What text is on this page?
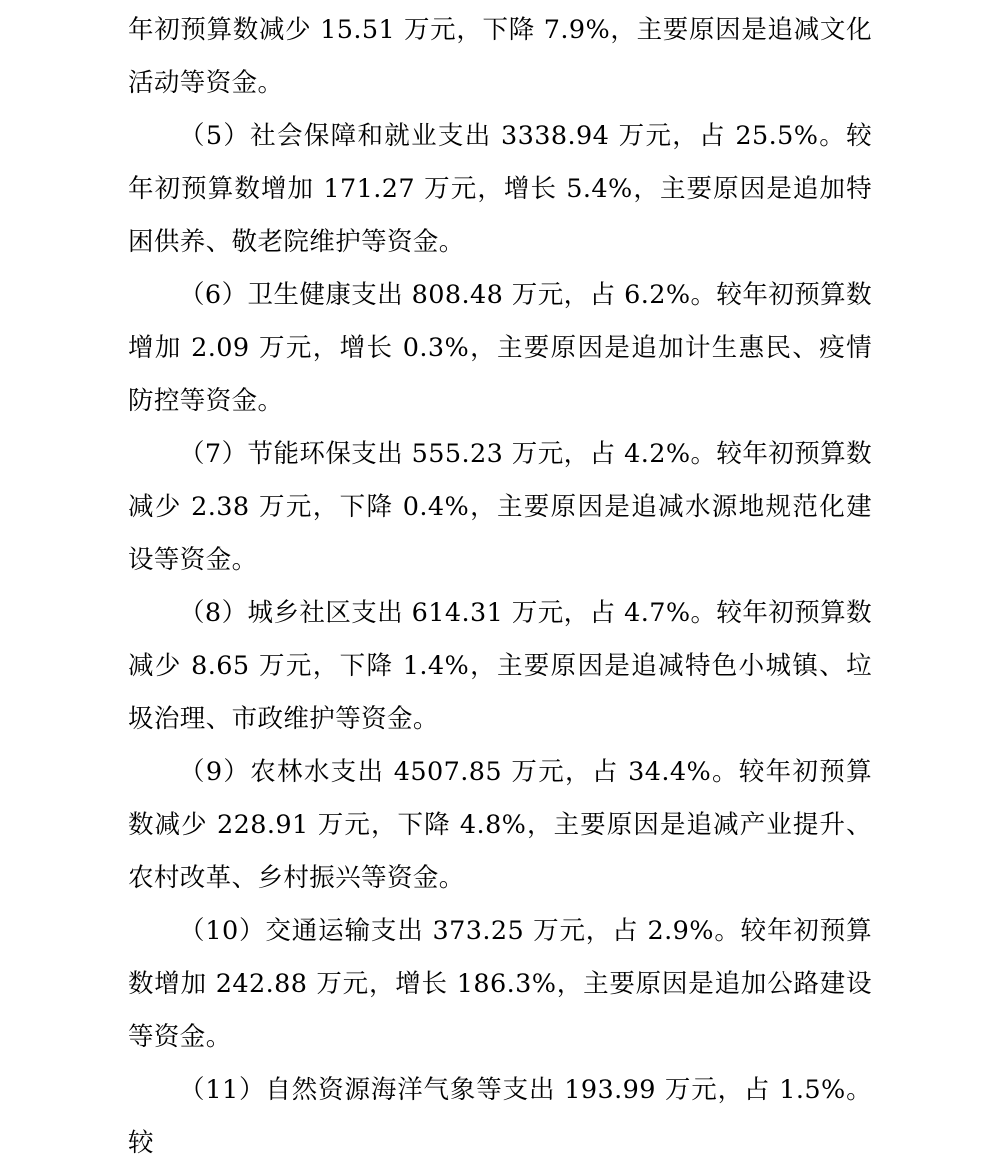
年初预算数减少 15.51 万元，下降 7.9%，主要原因是追减文化活动等资金。

（5）社会保障和就业支出 3338.94 万元，占 25.5%。较年初预算数增加 171.27 万元，增长 5.4%，主要原因是追加特困供养、敬老院维护等资金。

（6）卫生健康支出 808.48 万元，占 6.2%。较年初预算数增加 2.09 万元，增长 0.3%，主要原因是追加计生惠民、疫情防控等资金。

（7）节能环保支出 555.23 万元，占 4.2%。较年初预算数减少 2.38 万元，下降 0.4%，主要原因是追减水源地规范化建设等资金。

（8）城乡社区支出 614.31 万元，占 4.7%。较年初预算数减少 8.65 万元，下降 1.4%，主要原因是追减特色小城镇、垃圾治理、市政维护等资金。

（9）农林水支出 4507.85 万元，占 34.4%。较年初预算数减少 228.91 万元，下降 4.8%，主要原因是追减产业提升、农村改革、乡村振兴等资金。

（10）交通运输支出 373.25 万元，占 2.9%。较年初预算数增加 242.88 万元，增长 186.3%，主要原因是追加公路建设等资金。

（11）自然资源海洋气象等支出 193.99 万元，占 1.5%。较
